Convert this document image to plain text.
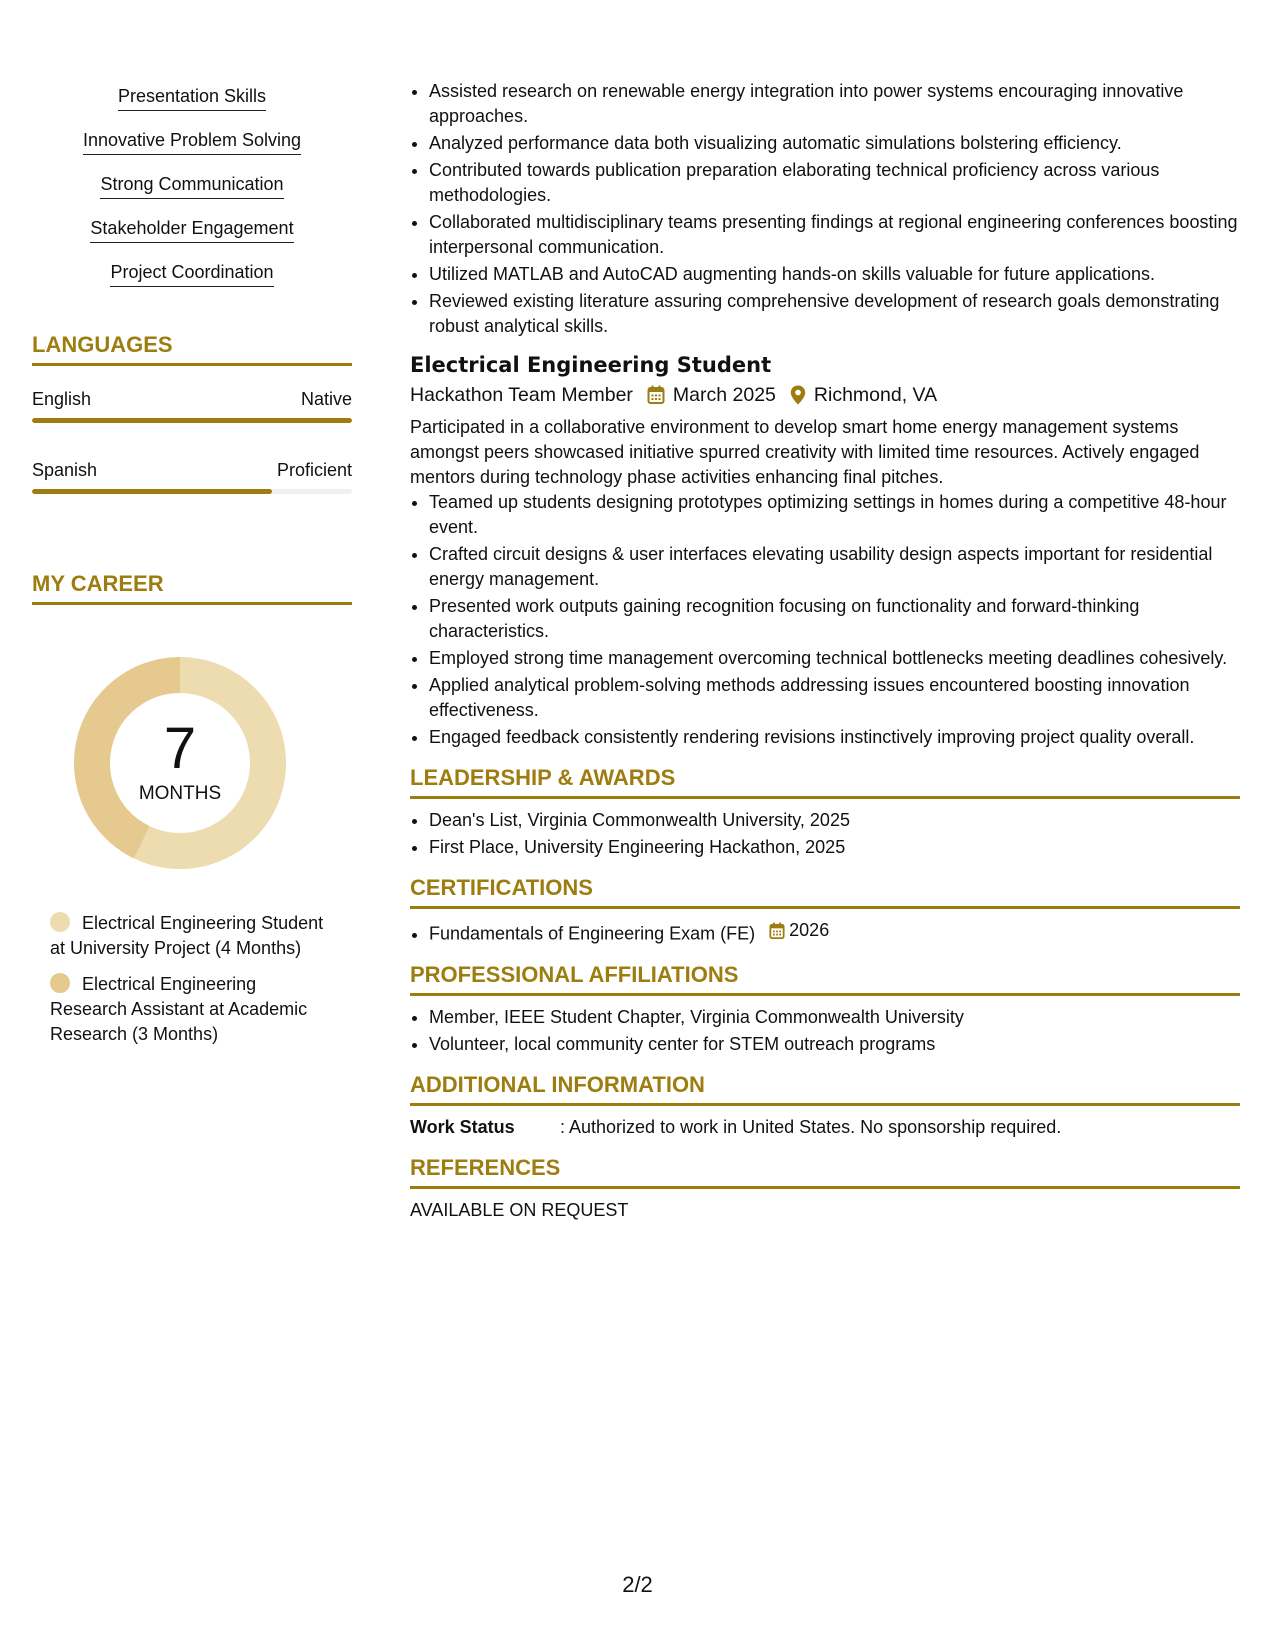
Presentation Skills
Innovative Problem Solving
Strong Communication
Stakeholder Engagement
Project Coordination
LANGUAGES
English	Native
Spanish	Proficient
MY CAREER
7
MONTHS
Electrical Engineering Student at University Project (4 Months)
Electrical Engineering Research Assistant at Academic Research (3 Months)
• Assisted research on renewable energy integration into power systems encouraging innovative approaches.
• Analyzed performance data both visualizing automatic simulations bolstering efficiency.
• Contributed towards publication preparation elaborating technical proficiency across various methodologies.
• Collaborated multidisciplinary teams presenting findings at regional engineering conferences boosting interpersonal communication.
• Utilized MATLAB and AutoCAD augmenting hands-on skills valuable for future applications.
• Reviewed existing literature assuring comprehensive development of research goals demonstrating robust analytical skills.
Electrical Engineering Student
Hackathon Team Member March 2025 Richmond, VA
Participated in a collaborative environment to develop smart home energy management systems amongst peers showcased initiative spurred creativity with limited time resources. Actively engaged mentors during technology phase activities enhancing final pitches.
• Teamed up students designing prototypes optimizing settings in homes during a competitive 48-hour event.
• Crafted circuit designs & user interfaces elevating usability design aspects important for residential energy management.
• Presented work outputs gaining recognition focusing on functionality and forward-thinking characteristics.
• Employed strong time management overcoming technical bottlenecks meeting deadlines cohesively.
• Applied analytical problem-solving methods addressing issues encountered boosting innovation effectiveness.
• Engaged feedback consistently rendering revisions instinctively improving project quality overall.
LEADERSHIP & AWARDS
• Dean's List, Virginia Commonwealth University, 2025
• First Place, University Engineering Hackathon, 2025
CERTIFICATIONS
• Fundamentals of Engineering Exam (FE) 2026
PROFESSIONAL AFFILIATIONS
• Member, IEEE Student Chapter, Virginia Commonwealth University
• Volunteer, local community center for STEM outreach programs
ADDITIONAL INFORMATION
Work Status	: Authorized to work in United States. No sponsorship required.
REFERENCES
AVAILABLE ON REQUEST
2/2
